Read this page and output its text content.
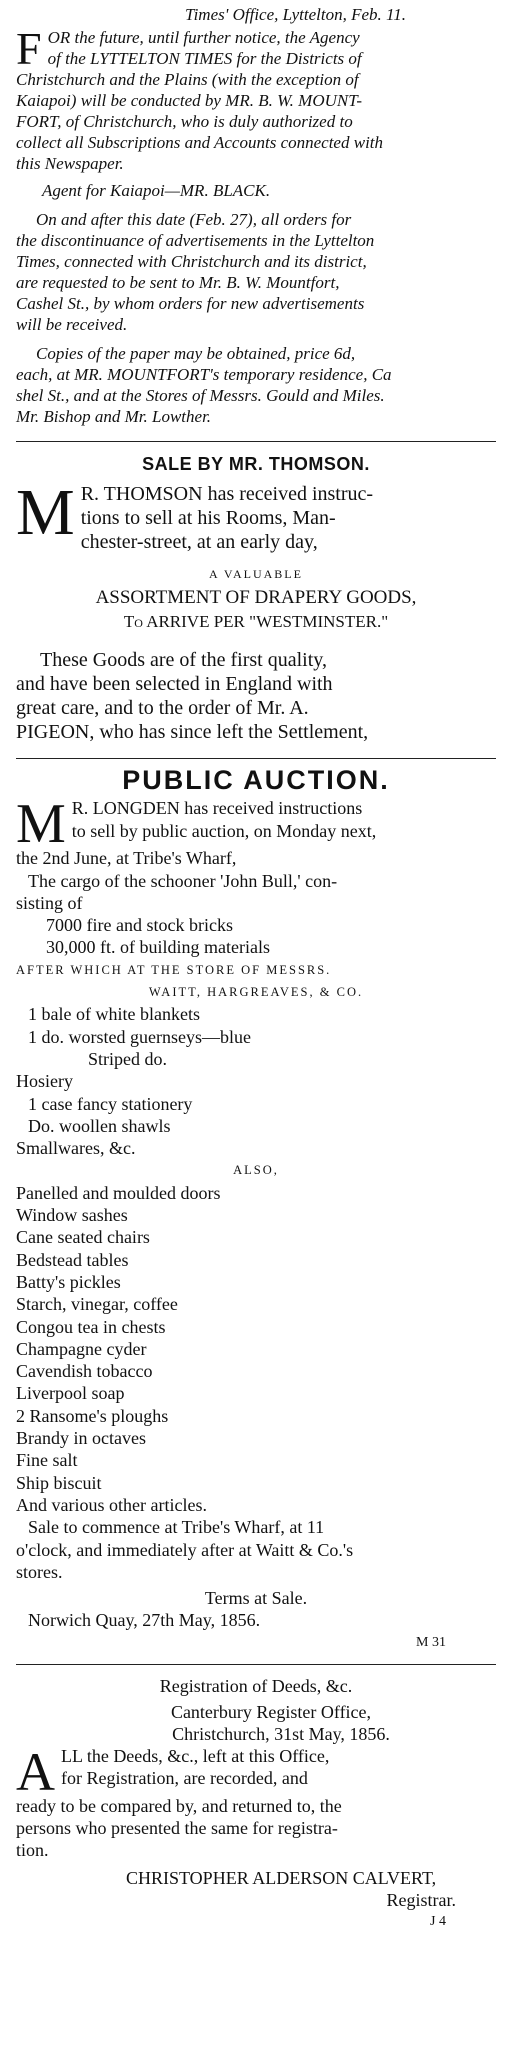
Times' Office, Lyttelton, Feb. 11.
F OR the future, until further notice, the Agency
of the LYTTELTON TIMES for the Districts of
Christchurch and the Plains (with the exception of
Kaiapoi) will be conducted by MR. B. W. MOUNT-
FORT, of Christchurch, who is duly authorized to
collect all Subscriptions and Accounts connected with
this Newspaper.
Agent for Kaiapoi—MR. BLACK.
On and after this date (Feb. 27), all orders for
the discontinuance of advertisements in the Lyttelton
Times, connected with Christchurch and its district,
are requested to be sent to Mr. B. W. Mountfort,
Cashel St., by whom orders for new advertisements
will be received.
Copies of the paper may be obtained, price 6d,
each, at MR. MOUNTFORT's temporary residence, Ca
shel St., and at the Stores of Messrs. Gould and Miles.
Mr. Bishop and Mr. Lowther.
SALE BY MR. THOMSON.
M R. THOMSON has received instruc-
tions to sell at his Rooms, Man-
chester-street, at an early day,
A VALUABLE
ASSORTMENT OF DRAPERY GOODS,
To ARRIVE PER "WESTMINSTER."
These Goods are of the first quality,
and have been selected in England with
great care, and to the order of Mr. A.
PIGEON, who has since left the Settlement,
PUBLIC AUCTION.
M R. LONGDEN has received instructions
to sell by public auction, on Monday next,
the 2nd June, at Tribe's Wharf,
The cargo of the schooner 'John Bull,' con-
sisting of
7000 fire and stock bricks
30,000 ft. of building materials
AFTER WHICH AT THE STORE OF MESSRS.
WAITT, HARGREAVES, & CO.
1 bale of white blankets
1 do. worsted guernseys—blue
Striped do.
Hosiery
1 case fancy stationery
Do. woollen shawls
Smallwares, &c.
ALSO,
Panelled and moulded doors
Window sashes
Cane seated chairs
Bedstead tables
Batty's pickles
Starch, vinegar, coffee
Congou tea in chests
Champagne cyder
Cavendish tobacco
Liverpool soap
2 Ransome's ploughs
Brandy in octaves
Fine salt
Ship biscuit
And various other articles.
Sale to commence at Tribe's Wharf, at 11
o'clock, and immediately after at Waitt & Co.'s
stores.
Terms at Sale.
Norwich Quay, 27th May, 1856.
M 31
Registration of Deeds, &c.
Canterbury Register Office,
Christchurch, 31st May, 1856.
A LL the Deeds, &c., left at this Office,
for Registration, are recorded, and
ready to be compared by, and returned to, the
persons who presented the same for registra-
tion.
CHRISTOPHER ALDERSON CALVERT,
Registrar.
J 4
